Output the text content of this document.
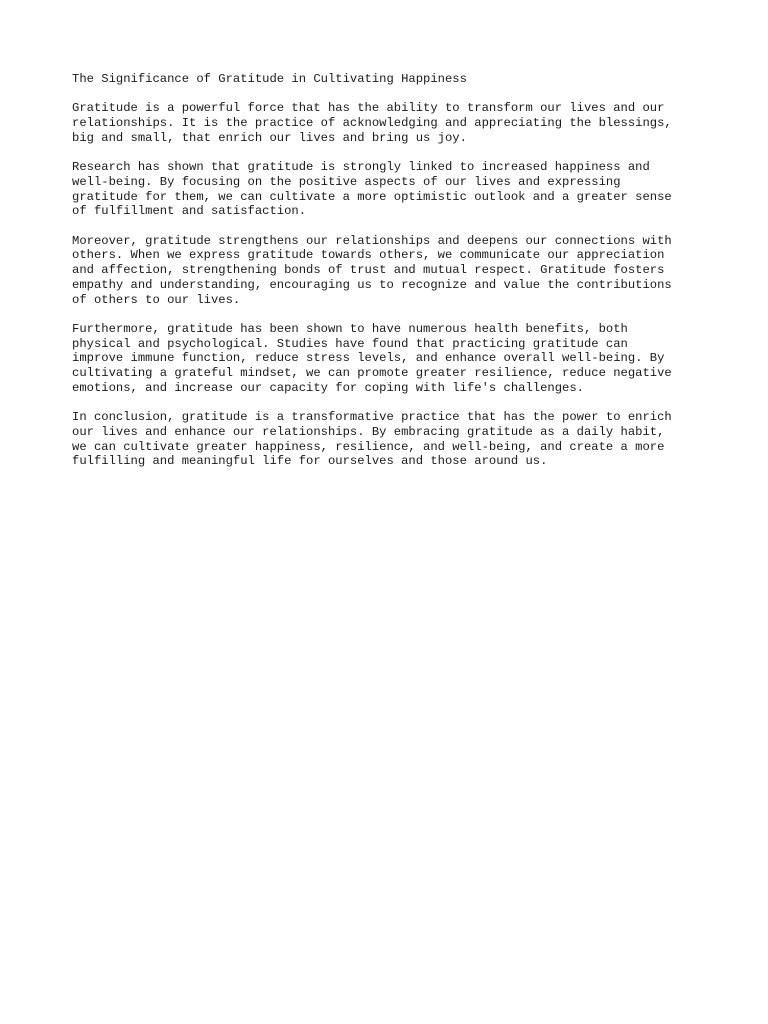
The Significance of Gratitude in Cultivating Happiness
Gratitude is a powerful force that has the ability to transform our lives and our
relationships. It is the practice of acknowledging and appreciating the blessings,
big and small, that enrich our lives and bring us joy.
Research has shown that gratitude is strongly linked to increased happiness and
well-being. By focusing on the positive aspects of our lives and expressing
gratitude for them, we can cultivate a more optimistic outlook and a greater sense
of fulfillment and satisfaction.
Moreover, gratitude strengthens our relationships and deepens our connections with
others. When we express gratitude towards others, we communicate our appreciation
and affection, strengthening bonds of trust and mutual respect. Gratitude fosters
empathy and understanding, encouraging us to recognize and value the contributions
of others to our lives.
Furthermore, gratitude has been shown to have numerous health benefits, both
physical and psychological. Studies have found that practicing gratitude can
improve immune function, reduce stress levels, and enhance overall well-being. By
cultivating a grateful mindset, we can promote greater resilience, reduce negative
emotions, and increase our capacity for coping with life's challenges.
In conclusion, gratitude is a transformative practice that has the power to enrich
our lives and enhance our relationships. By embracing gratitude as a daily habit,
we can cultivate greater happiness, resilience, and well-being, and create a more
fulfilling and meaningful life for ourselves and those around us.
